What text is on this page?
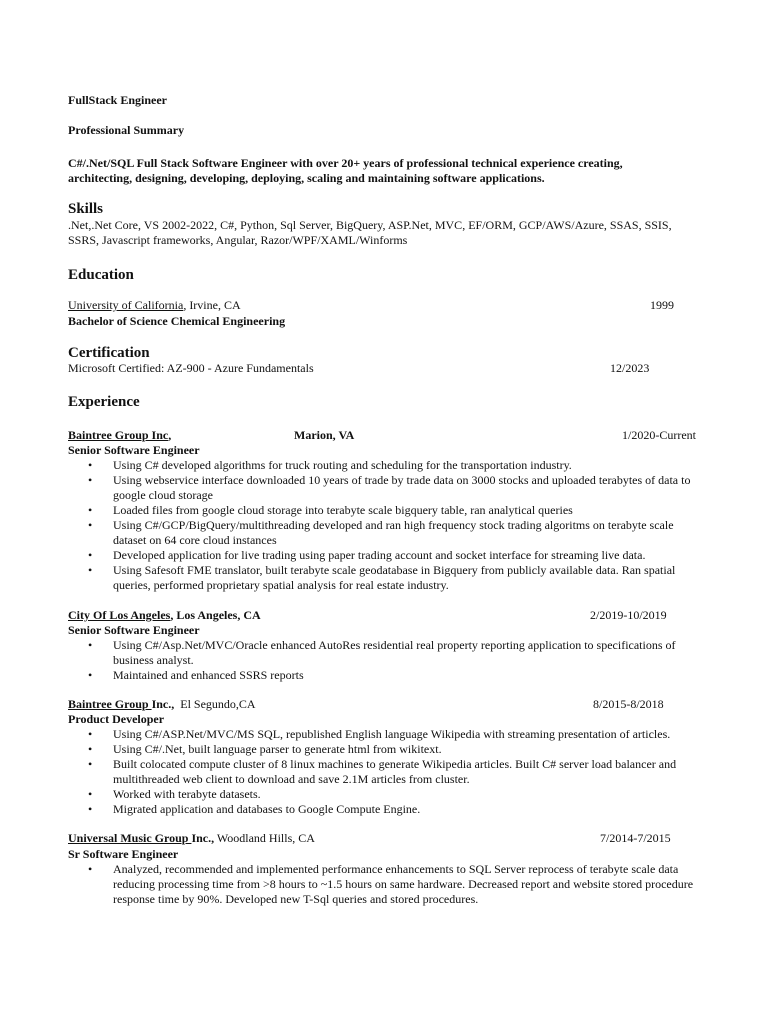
FullStack Engineer
Professional Summary
C#/.Net/SQL Full Stack Software Engineer with over 20+ years of professional technical experience creating, architecting, designing, developing, deploying, scaling and maintaining software applications.
Skills
.Net,.Net Core, VS 2002-2022, C#, Python, Sql Server, BigQuery, ASP.Net, MVC, EF/ORM, GCP/AWS/Azure, SSAS, SSIS, SSRS, Javascript frameworks, Angular, Razor/WPF/XAML/Winforms
Education
University of California, Irvine, CA	1999
Bachelor of Science Chemical Engineering
Certification
Microsoft Certified: AZ-900 - Azure Fundamentals	12/2023
Experience
Baintree Group Inc,	Marion, VA	1/2020-Current
Senior Software Engineer
• Using C# developed algorithms for truck routing and scheduling for the transportation industry.
• Using webservice interface downloaded 10 years of trade by trade data on 3000 stocks and uploaded terabytes of data to google cloud storage
• Loaded files from google cloud storage into terabyte scale bigquery table, ran analytical queries
• Using C#/GCP/BigQuery/multithreading developed and ran high frequency stock trading algoritms on terabyte scale dataset on 64 core cloud instances
• Developed application for live trading using paper trading account and socket interface for streaming live data.
• Using Safesoft FME translator, built terabyte scale geodatabase in Bigquery from publicly available data. Ran spatial queries, performed proprietary spatial analysis for real estate industry.
City Of Los Angeles, Los Angeles, CA	2/2019-10/2019
Senior Software Engineer
• Using C#/Asp.Net/MVC/Oracle enhanced AutoRes residential real property reporting application to specifications of business analyst.
• Maintained and enhanced SSRS reports
Baintree Group Inc.,  El Segundo,CA	8/2015-8/2018
Product Developer
• Using C#/ASP.Net/MVC/MS SQL, republished English language Wikipedia with streaming presentation of articles.
• Using C#/.Net, built language parser to generate html from wikitext.
• Built colocated compute cluster of 8 linux machines to generate Wikipedia articles. Built C# server load balancer and multithreaded web client to download and save 2.1M articles from cluster.
• Worked with terabyte datasets.
• Migrated application and databases to Google Compute Engine.
Universal Music Group Inc., Woodland Hills, CA	7/2014-7/2015
Sr Software Engineer
• Analyzed, recommended and implemented performance enhancements to SQL Server reprocess of terabyte scale data reducing processing time from >8 hours to ~1.5 hours on same hardware. Decreased report and website stored procedure response time by 90%. Developed new T-Sql queries and stored procedures.
